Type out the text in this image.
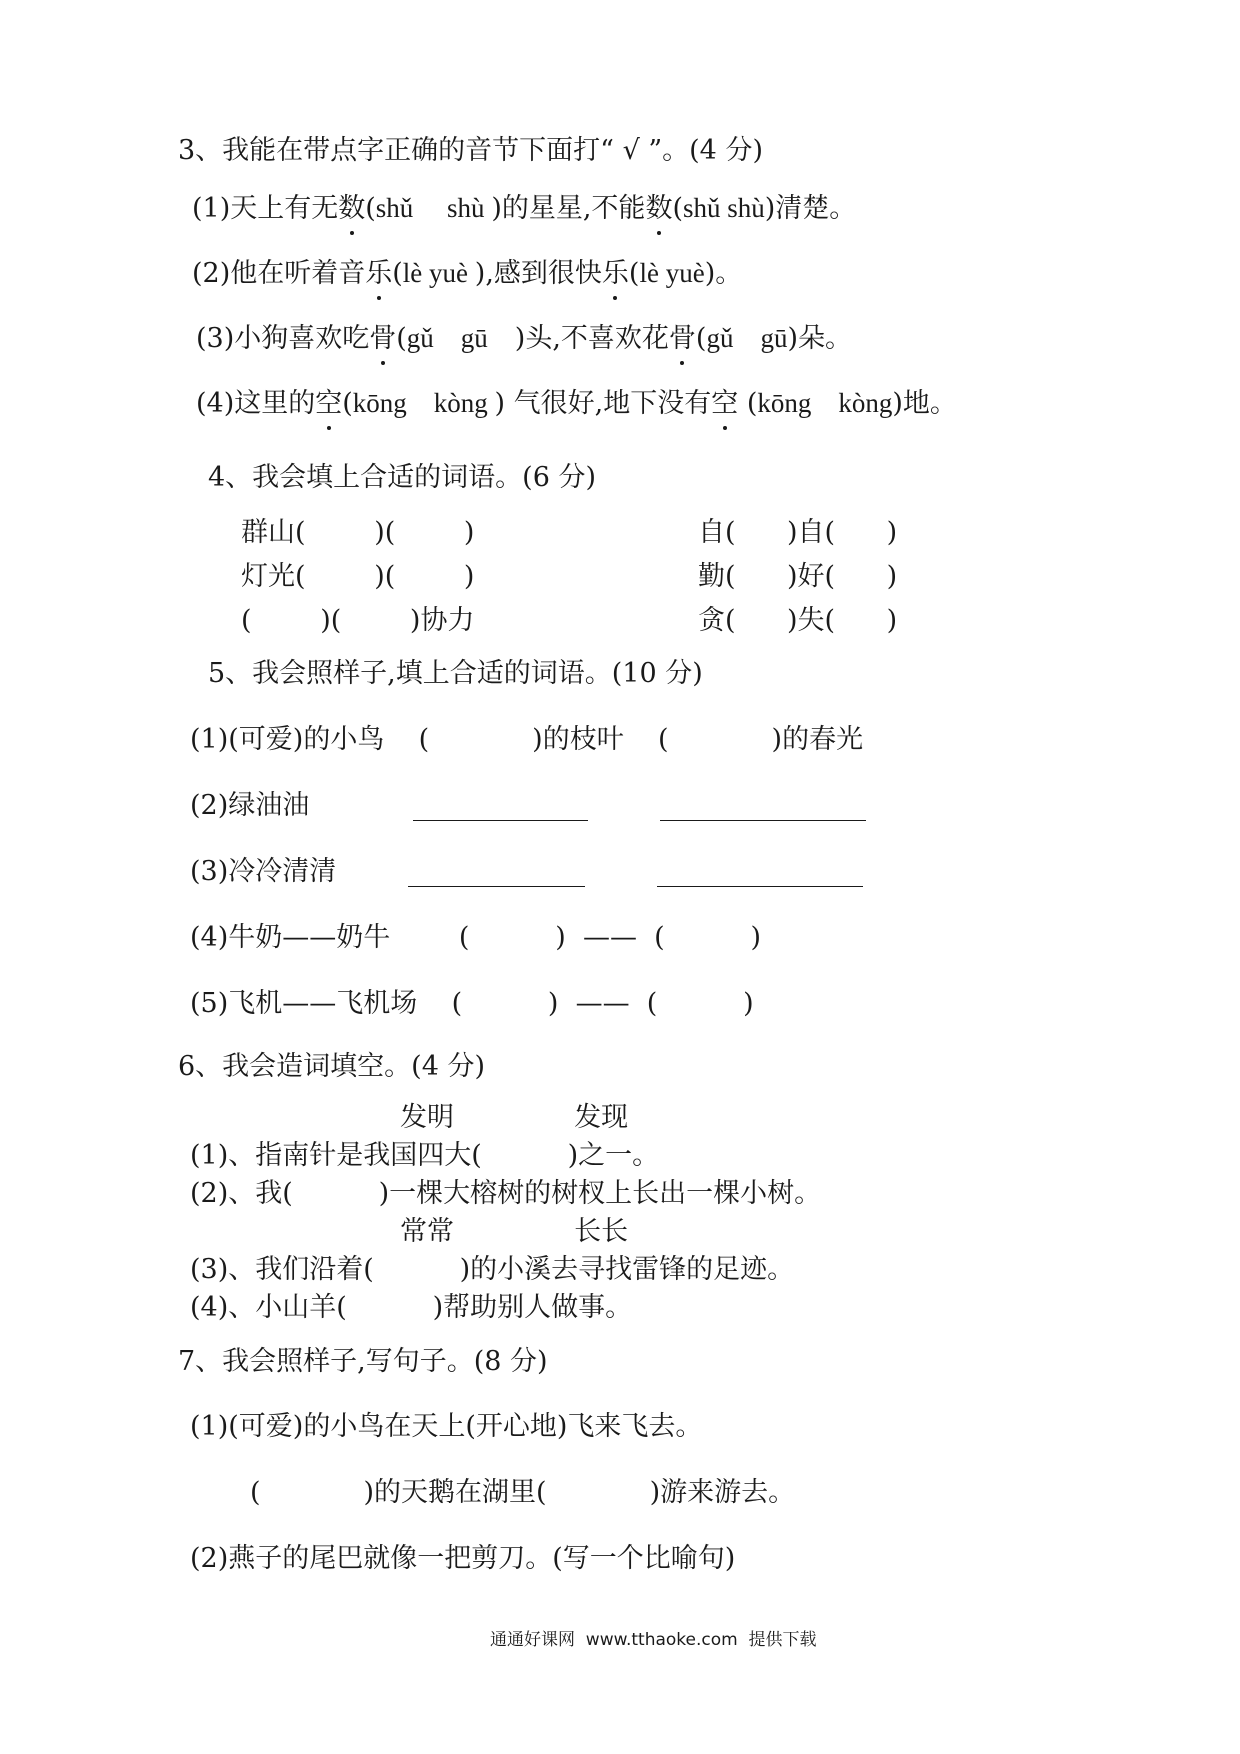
3、我能在带点字正确的音节下面打“ √ ”。(4 分)
(1)天上有无数(shǔ     shù )的星星,不能数(shǔ shù)清楚。
(2)他在听着音乐(lè yuè ),感到很快乐(lè yuè)。
(3)小狗喜欢吃骨(gǔ    gū    )头,不喜欢花骨(gǔ    gū)朵。
(4)这里的空(kōng    kòng ) 气很好,地下没有空 (kōng    kòng)地。
4、我会填上合适的词语。(6 分)
群山(        )(        )
灯光(        )(        )
(        )(        )协力
自(      )自(      )
勤(      )好(      )
贪(      )失(      )
5、我会照样子,填上合适的词语。(10 分)
(1)(可爱)的小鸟    (            )的枝叶    (            )的春光
(2)绿油油
(3)冷冷清清
(4)牛奶——奶牛        (          )  ——  (          )
(5)飞机——飞机场    (          )  ——  (          )
6、我会造词填空。(4 分)
发明              发现
(1)、指南针是我国四大(          )之一。
(2)、我(          )一棵大榕树的树杈上长出一棵小树。
常常              长长
(3)、我们沿着(          )的小溪去寻找雷锋的足迹。
(4)、小山羊(          )帮助别人做事。
7、我会照样子,写句子。(8 分)
(1)(可爱)的小鸟在天上(开心地)飞来飞去。
(            )的天鹅在湖里(            )游来游去。
(2)燕子的尾巴就像一把剪刀。(写一个比喻句)
通通好课网  www.tthaoke.com  提供下载
